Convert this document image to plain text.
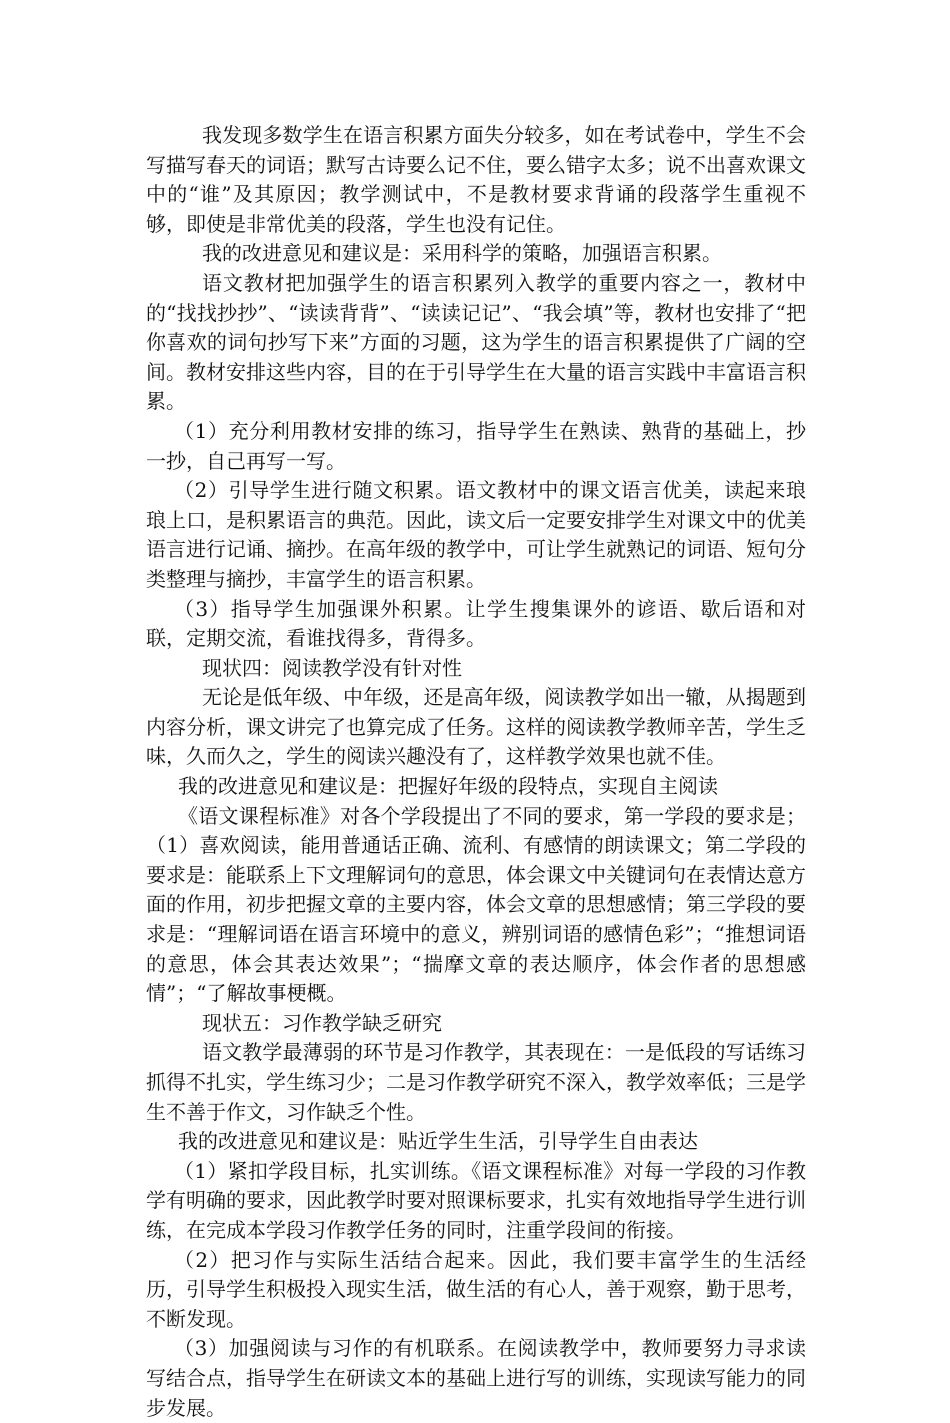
我发现多数学生在语言积累方面失分较多，如在考试卷中，学生不会写描写春天的词语；默写古诗要么记不住，要么错字太多；说不出喜欢课文中的“谁”及其原因；教学测试中，不是教材要求背诵的段落学生重视不够，即使是非常优美的段落，学生也没有记住。

我的改进意见和建议是：采用科学的策略，加强语言积累。

语文教材把加强学生的语言积累列入教学的重要内容之一，教材中的“找找抄抄”、“读读背背”、“读读记记”、“我会填”等，教材也安排了“把你喜欢的词句抄写下来”方面的习题，这为学生的语言积累提供了广阔的空间。教材安排这些内容，目的在于引导学生在大量的语言实践中丰富语言积累。

（1）充分利用教材安排的练习，指导学生在熟读、熟背的基础上，抄一抄，自己再写一写。

（2）引导学生进行随文积累。语文教材中的课文语言优美，读起来琅琅上口，是积累语言的典范。因此，读文后一定要安排学生对课文中的优美语言进行记诵、摘抄。在高年级的教学中，可让学生就熟记的词语、短句分类整理与摘抄，丰富学生的语言积累。

（3）指导学生加强课外积累。让学生搜集课外的谚语、歇后语和对联，定期交流，看谁找得多，背得多。

现状四：阅读教学没有针对性

无论是低年级、中年级，还是高年级，阅读教学如出一辙，从揭题到内容分析，课文讲完了也算完成了任务。这样的阅读教学教师辛苦，学生乏味，久而久之，学生的阅读兴趣没有了，这样教学效果也就不佳。

我的改进意见和建议是：把握好年级的段特点，实现自主阅读

《语文课程标准》对各个学段提出了不同的要求，第一学段的要求是；（1）喜欢阅读，能用普通话正确、流利、有感情的朗读课文；第二学段的要求是：能联系上下文理解词句的意思，体会课文中关键词句在表情达意方面的作用，初步把握文章的主要内容，体会文章的思想感情；第三学段的要求是：“理解词语在语言环境中的意义，辨别词语的感情色彩”；“推想词语的意思，体会其表达效果”；“揣摩文章的表达顺序，体会作者的思想感情”；“了解故事梗概。

现状五：习作教学缺乏研究

语文教学最薄弱的环节是习作教学，其表现在：一是低段的写话练习抓得不扎实，学生练习少；二是习作教学研究不深入，教学效率低；三是学生不善于作文，习作缺乏个性。

我的改进意见和建议是：贴近学生生活，引导学生自由表达

（1）紧扣学段目标，扎实训练。《语文课程标准》对每一学段的习作教学有明确的要求，因此教学时要对照课标要求，扎实有效地指导学生进行训练，在完成本学段习作教学任务的同时，注重学段间的衔接。

（2）把习作与实际生活结合起来。因此，我们要丰富学生的生活经历，引导学生积极投入现实生活，做生活的有心人，善于观察，勤于思考，不断发现。

（3）加强阅读与习作的有机联系。在阅读教学中，教师要努力寻求读写结合点，指导学生在研读文本的基础上进行写的训练，实现读写能力的同步发展。
